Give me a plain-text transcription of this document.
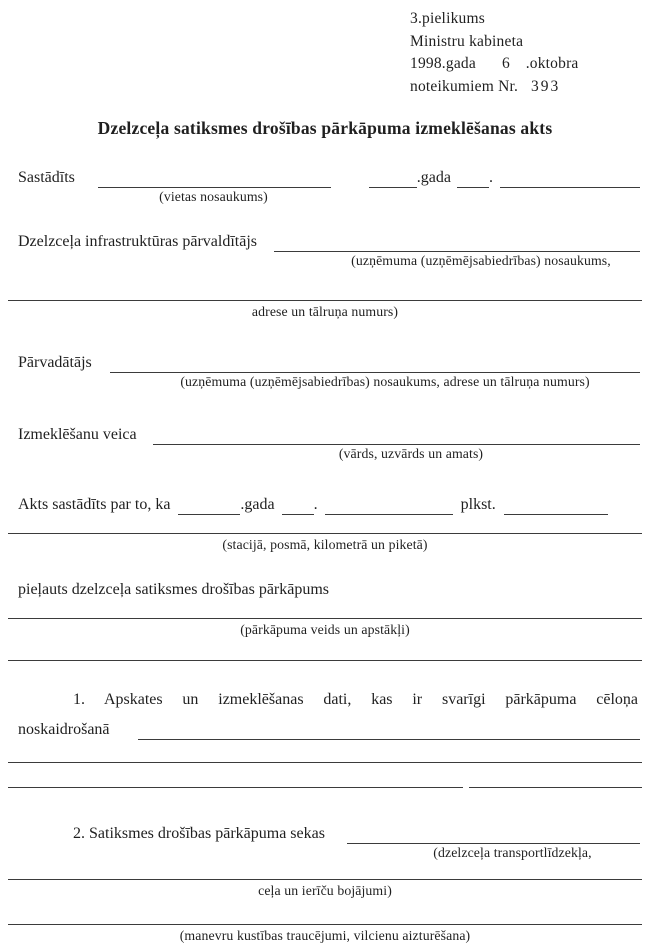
3.pielikums
Ministru kabineta
1998.gada 6 .oktobra
noteikumiem Nr. 393
Dzelzceļa satiksmes drošības pārkāpuma izmeklēšanas akts
Sastādīts	.gada .
(vietas nosaukums)
Dzelzceļa infrastruktūras pārvaldītājs
(uzņēmuma (uzņēmējsabiedrības) nosaukums,
adrese un tālruņa numurs)
Pārvadātājs
(uzņēmuma (uzņēmējsabiedrības) nosaukums, adrese un tālruņa numurs)
Izmeklēšanu veica
(vārds, uzvārds un amats)
Akts sastādīts par to, ka	.gada .	plkst.
(stacijā, posmā, kilometrā un piketā)
pieļauts dzelzceļa satiksmes drošības pārkāpums
(pārkāpuma veids un apstākļi)
1. Apskates un izmeklēšanas dati, kas ir svarīgi pārkāpuma cēloņa
noskaidrošanā
2. Satiksmes drošības pārkāpuma sekas
(dzelzceļa transportlīdzekļa,
ceļa un ierīču bojājumi)
(manevru kustības traucējumi, vilcienu aizturēšana)
